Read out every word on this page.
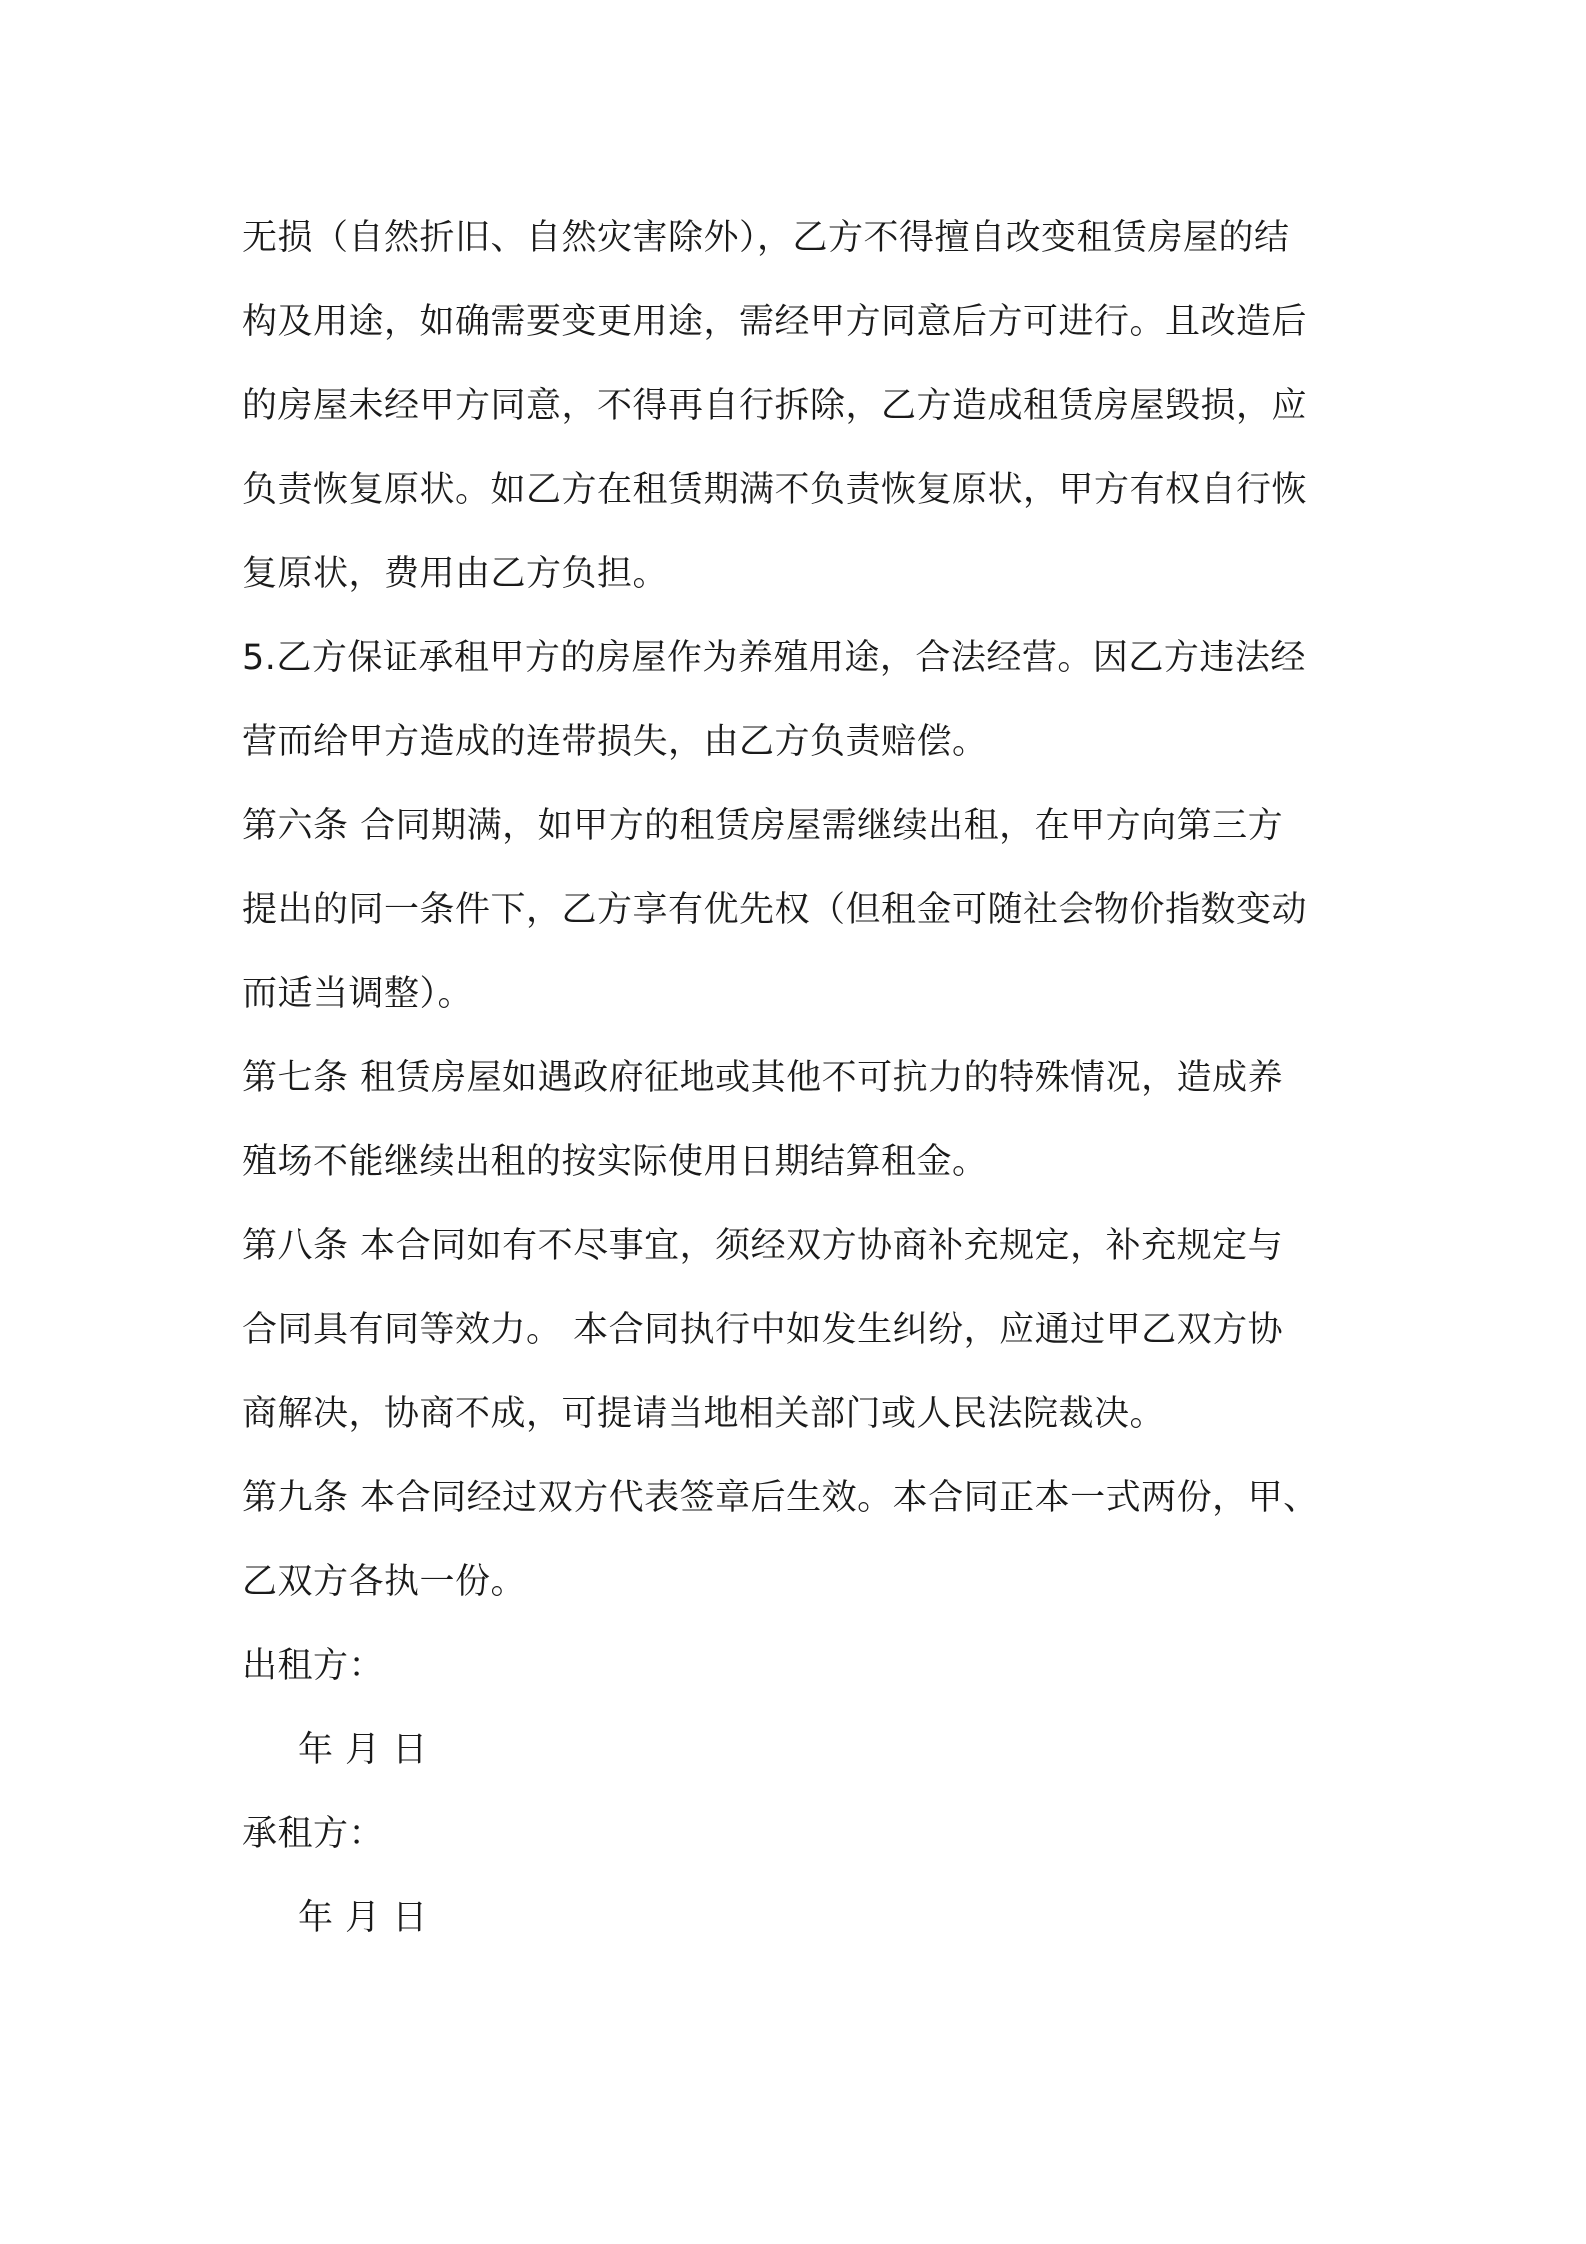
无损（自然折旧、自然灾害除外），乙方不得擅自改变租赁房屋的结
构及用途，如确需要变更用途，需经甲方同意后方可进行。且改造后
的房屋未经甲方同意，不得再自行拆除，乙方造成租赁房屋毁损，应
负责恢复原状。如乙方在租赁期满不负责恢复原状，甲方有权自行恢
复原状，费用由乙方负担。
5.乙方保证承租甲方的房屋作为养殖用途，合法经营。因乙方违法经
营而给甲方造成的连带损失，由乙方负责赔偿。
第六条 合同期满，如甲方的租赁房屋需继续出租，在甲方向第三方
提出的同一条件下，乙方享有优先权（但租金可随社会物价指数变动
而适当调整）。
第七条 租赁房屋如遇政府征地或其他不可抗力的特殊情况，造成养
殖场不能继续出租的按实际使用日期结算租金。
第八条 本合同如有不尽事宜，须经双方协商补充规定，补充规定与
合同具有同等效力。 本合同执行中如发生纠纷，应通过甲乙双方协
商解决，协商不成，可提请当地相关部门或人民法院裁决。
第九条 本合同经过双方代表签章后生效。本合同正本一式两份，甲、
乙双方各执一份。
出租方：
年 月 日
承租方：
年 月 日
